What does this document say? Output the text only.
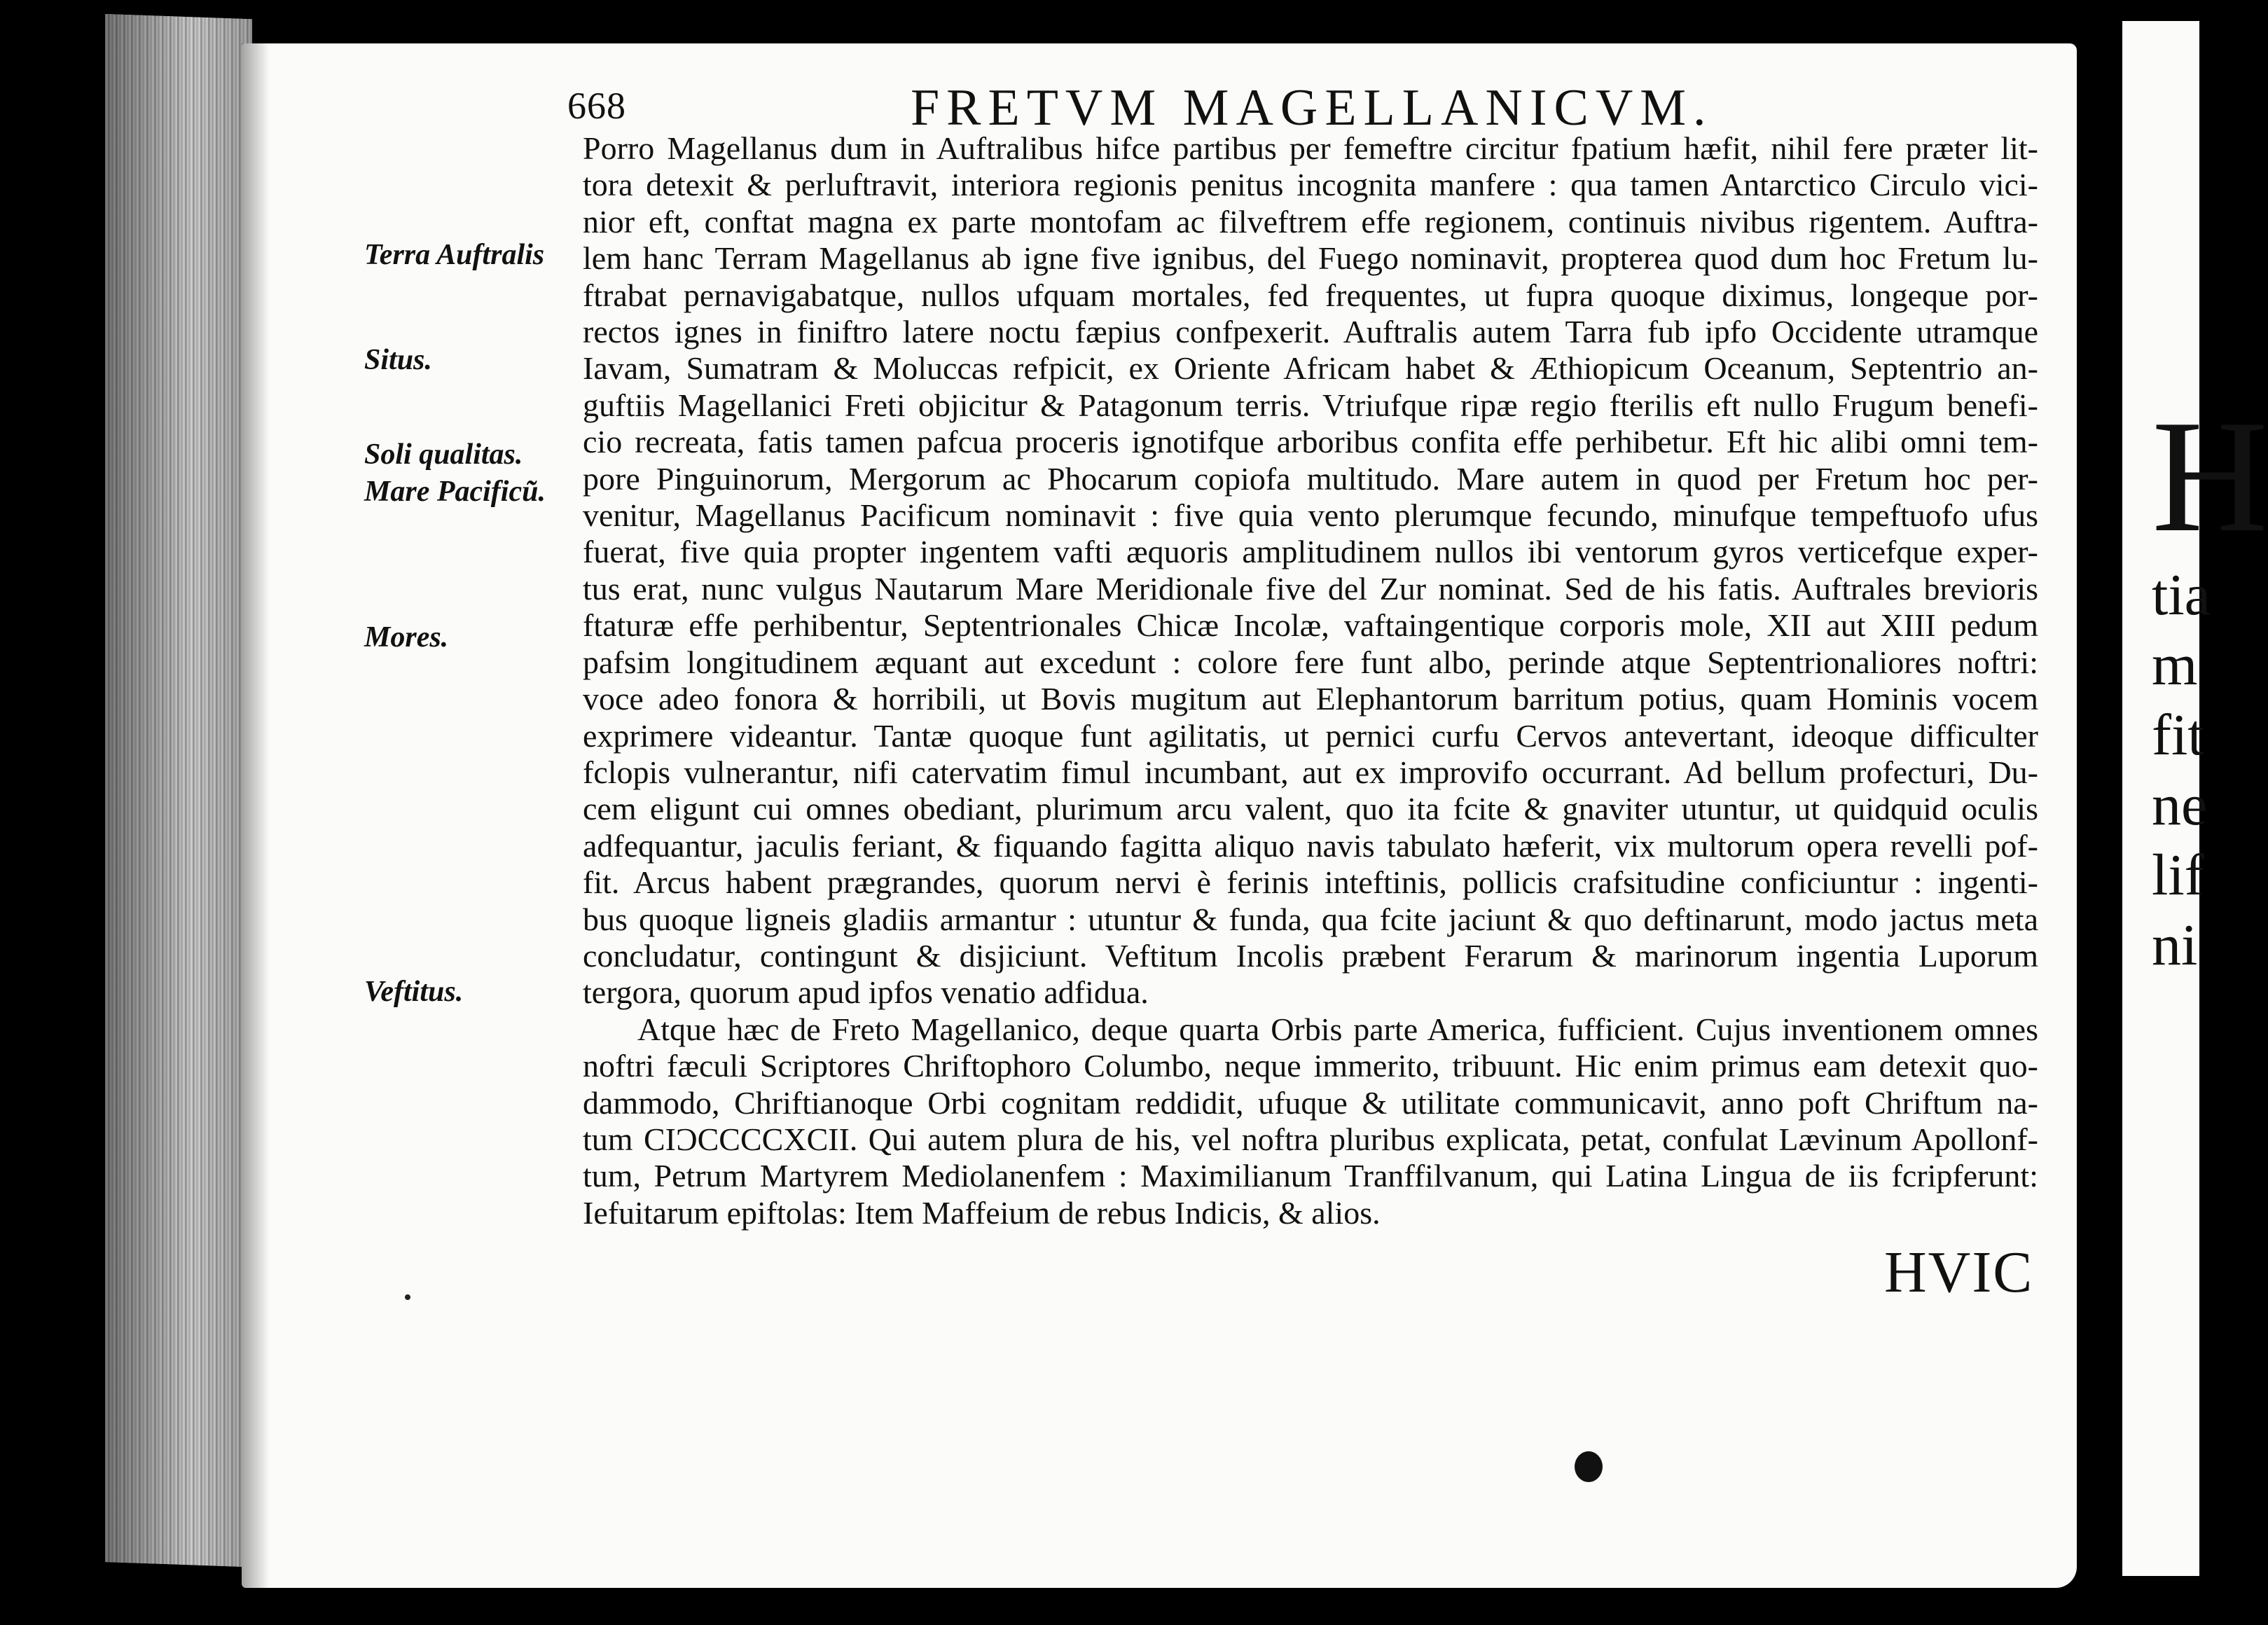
H
tia
m
fit
ne
lif
ni
668	FRETVM MAGELLANICVM.
Terra Auftralis
Situs.
Soli qualitas.
Mare Pacificũ.
Mores.
Veftitus.
Porro Magellanus dum in Auftralibus hifce partibus per femeftre circitur fpatium hæfit, nihil fere præter lit-
tora detexit & perluftravit, interiora regionis penitus incognita manfere : qua tamen Antarctico Circulo vici-
nior eft, conftat magna ex parte montofam ac filveftrem effe regionem, continuis nivibus rigentem. Auftra-
lem hanc Terram Magellanus ab igne five ignibus, del Fuego nominavit, propterea quod dum hoc Fretum lu-
ftrabat pernavigabatque, nullos ufquam mortales, fed frequentes, ut fupra quoque diximus, longeque por-
rectos ignes in finiftro latere noctu fæpius confpexerit. Auftralis autem Tarra fub ipfo Occidente utramque
Iavam, Sumatram & Moluccas refpicit, ex Oriente Africam habet & Æthiopicum Oceanum, Septentrio an-
guftiis Magellanici Freti objicitur & Patagonum terris. Vtriufque ripæ regio fterilis eft nullo Frugum benefi-
cio recreata, fatis tamen pafcua proceris ignotifque arboribus confita effe perhibetur. Eft hic alibi omni tem-
pore Pinguinorum, Mergorum ac Phocarum copiofa multitudo. Mare autem in quod per Fretum hoc per-
venitur, Magellanus Pacificum nominavit : five quia vento plerumque fecundo, minufque tempeftuofo ufus
fuerat, five quia propter ingentem vafti æquoris amplitudinem nullos ibi ventorum gyros verticefque exper-
tus erat, nunc vulgus Nautarum Mare Meridionale five del Zur nominat. Sed de his fatis. Auftrales brevioris
ftaturæ effe perhibentur, Septentrionales Chicæ Incolæ, vaftaingentique corporis mole, XII aut XIII pedum
pafsim longitudinem æquant aut excedunt : colore fere funt albo, perinde atque Septentrionaliores noftri:
voce adeo fonora & horribili, ut Bovis mugitum aut Elephantorum barritum potius, quam Hominis vocem
exprimere videantur. Tantæ quoque funt agilitatis, ut pernici curfu Cervos antevertant, ideoque difficulter
fclopis vulnerantur, nifi catervatim fimul incumbant, aut ex improvifo occurrant. Ad bellum profecturi, Du-
cem eligunt cui omnes obediant, plurimum arcu valent, quo ita fcite & gnaviter utuntur, ut quidquid oculis
adfequantur, jaculis feriant, & fiquando fagitta aliquo navis tabulato hæferit, vix multorum opera revelli pof-
fit. Arcus habent prægrandes, quorum nervi è ferinis inteftinis, pollicis crafsitudine conficiuntur : ingenti-
bus quoque ligneis gladiis armantur : utuntur & funda, qua fcite jaciunt & quo deftinarunt, modo jactus meta
concludatur, contingunt & disjiciunt. Veftitum Incolis præbent Ferarum & marinorum ingentia Luporum
tergora, quorum apud ipfos venatio adfidua.
Atque hæc de Freto Magellanico, deque quarta Orbis parte America, fufficient. Cujus inventionem omnes
noftri fæculi Scriptores Chriftophoro Columbo, neque immerito, tribuunt. Hic enim primus eam detexit quo-
dammodo, Chriftianoque Orbi cognitam reddidit, ufuque & utilitate communicavit, anno poft Chriftum na-
tum CIƆCCCCXCII. Qui autem plura de his, vel noftra pluribus explicata, petat, confulat Lævinum Apollonf-
tum, Petrum Martyrem Mediolanenfem : Maximilianum Tranffilvanum, qui Latina Lingua de iis fcripferunt:
Iefuitarum epiftolas: Item Maffeium de rebus Indicis, & alios.
HVIC
